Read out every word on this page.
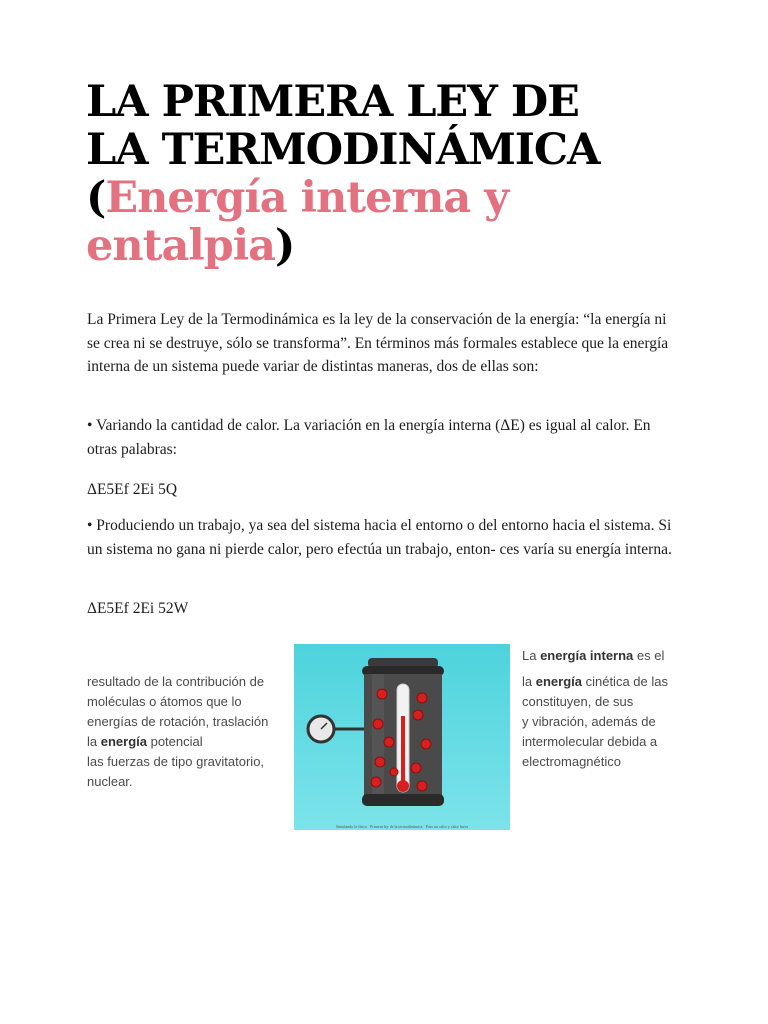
LA PRIMERA LEY DE
LA TERMODINÁMICA
(Energía interna y entalpia)

La Primera Ley de la Termodinámica es la ley de la conservación de la energía: “la energía ni se crea ni se destruye, sólo se transforma”. En términos más formales establece que la energía interna de un sistema puede variar de distintas maneras, dos de ellas son:

• Variando la cantidad de calor. La variación en la energía interna (ΔE) es igual al calor. En otras palabras:

ΔE5Ef 2Ei 5Q

• Produciendo un trabajo, ya sea del sistema hacia el entorno o del entorno hacia el sistema. Si un sistema no gana ni pierde calor, pero efectúa un trabajo, enton- ces varía su energía interna.

ΔE5Ef 2Ei 52W

resultado de la contribución de
moléculas o átomos que lo
energías de rotación, traslación
la energía potencial
las fuerzas de tipo gravitatorio,
nuclear.
Simulando la física · Primera ley de la termodinámica · Para un calor y calor fuera
La energía interna es el
la energía cinética de las
constituyen, de sus
y vibración, además de
intermolecular debida a
electromagnético
